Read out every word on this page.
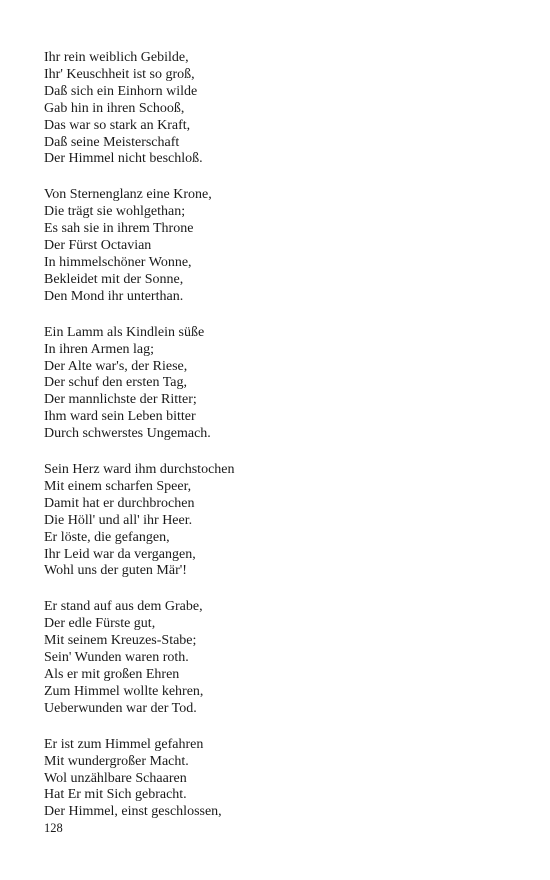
Ihr rein weiblich Gebilde,
Ihr' Keuschheit ist so groß,
Daß sich ein Einhorn wilde
Gab hin in ihren Schooß,
Das war so stark an Kraft,
Daß seine Meisterschaft
Der Himmel nicht beschloß.
Von Sternenglanz eine Krone,
Die trägt sie wohlgethan;
Es sah sie in ihrem Throne
Der Fürst Octavian
In himmelschöner Wonne,
Bekleidet mit der Sonne,
Den Mond ihr unterthan.
Ein Lamm als Kindlein süße
In ihren Armen lag;
Der Alte war's, der Riese,
Der schuf den ersten Tag,
Der mannlichste der Ritter;
Ihm ward sein Leben bitter
Durch schwerstes Ungemach.
Sein Herz ward ihm durchstochen
Mit einem scharfen Speer,
Damit hat er durchbrochen
Die Höll' und all' ihr Heer.
Er löste, die gefangen,
Ihr Leid war da vergangen,
Wohl uns der guten Mär'!
Er stand auf aus dem Grabe,
Der edle Fürste gut,
Mit seinem Kreuzes-Stabe;
Sein' Wunden waren roth.
Als er mit großen Ehren
Zum Himmel wollte kehren,
Ueberwunden war der Tod.
Er ist zum Himmel gefahren
Mit wundergroßer Macht.
Wol unzählbare Schaaren
Hat Er mit Sich gebracht.
Der Himmel, einst geschlossen,
128
